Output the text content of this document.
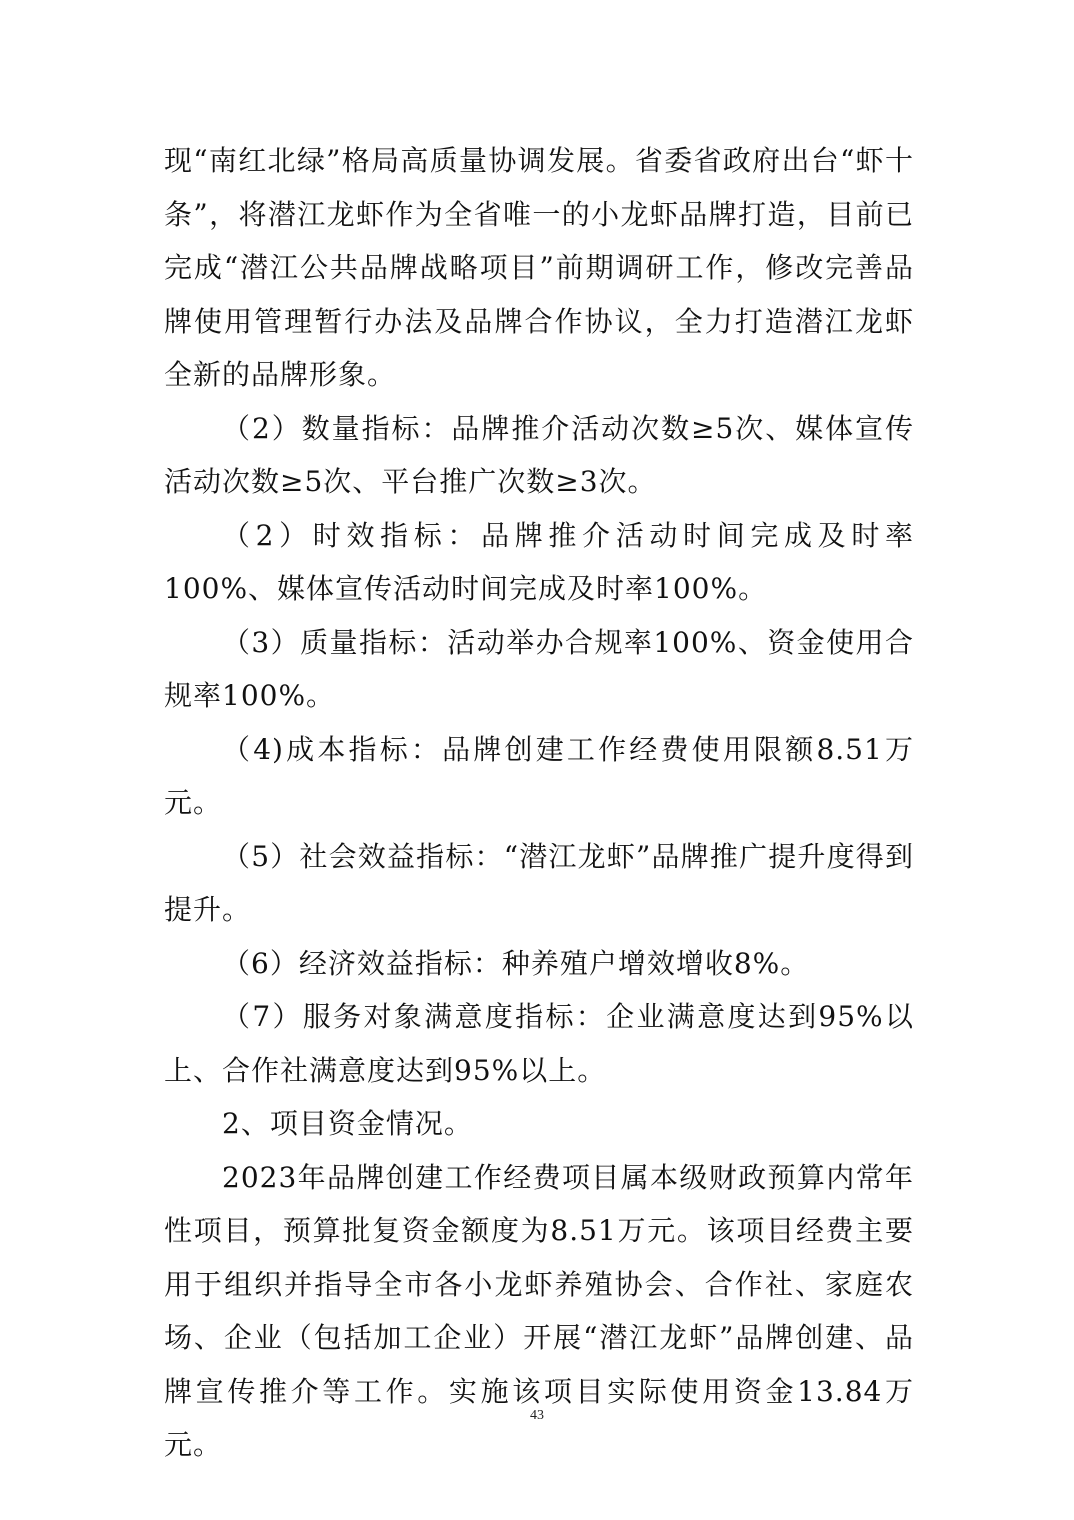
现“南红北绿”格局高质量协调发展。省委省政府出台“虾十条”，将潜江龙虾作为全省唯一的小龙虾品牌打造，目前已完成“潜江公共品牌战略项目”前期调研工作，修改完善品牌使用管理暂行办法及品牌合作协议，全力打造潜江龙虾全新的品牌形象。

（2）数量指标：品牌推介活动次数≥5次、媒体宣传活动次数≥5次、平台推广次数≥3次。

（2）时效指标：品牌推介活动时间完成及时率100%、媒体宣传活动时间完成及时率100%。

（3）质量指标：活动举办合规率100%、资金使用合规率100%。

（4)成本指标：品牌创建工作经费使用限额8.51万元。

（5）社会效益指标：“潜江龙虾”品牌推广提升度得到提升。

（6）经济效益指标：种养殖户增效增收8%。

（7）服务对象满意度指标：企业满意度达到95%以上、合作社满意度达到95%以上。

2、项目资金情况。

2023年品牌创建工作经费项目属本级财政预算内常年性项目，预算批复资金额度为8.51万元。该项目经费主要用于组织并指导全市各小龙虾养殖协会、合作社、家庭农场、企业（包括加工企业）开展“潜江龙虾”品牌创建、品牌宣传推介等工作。实施该项目实际使用资金13.84万元。

43
